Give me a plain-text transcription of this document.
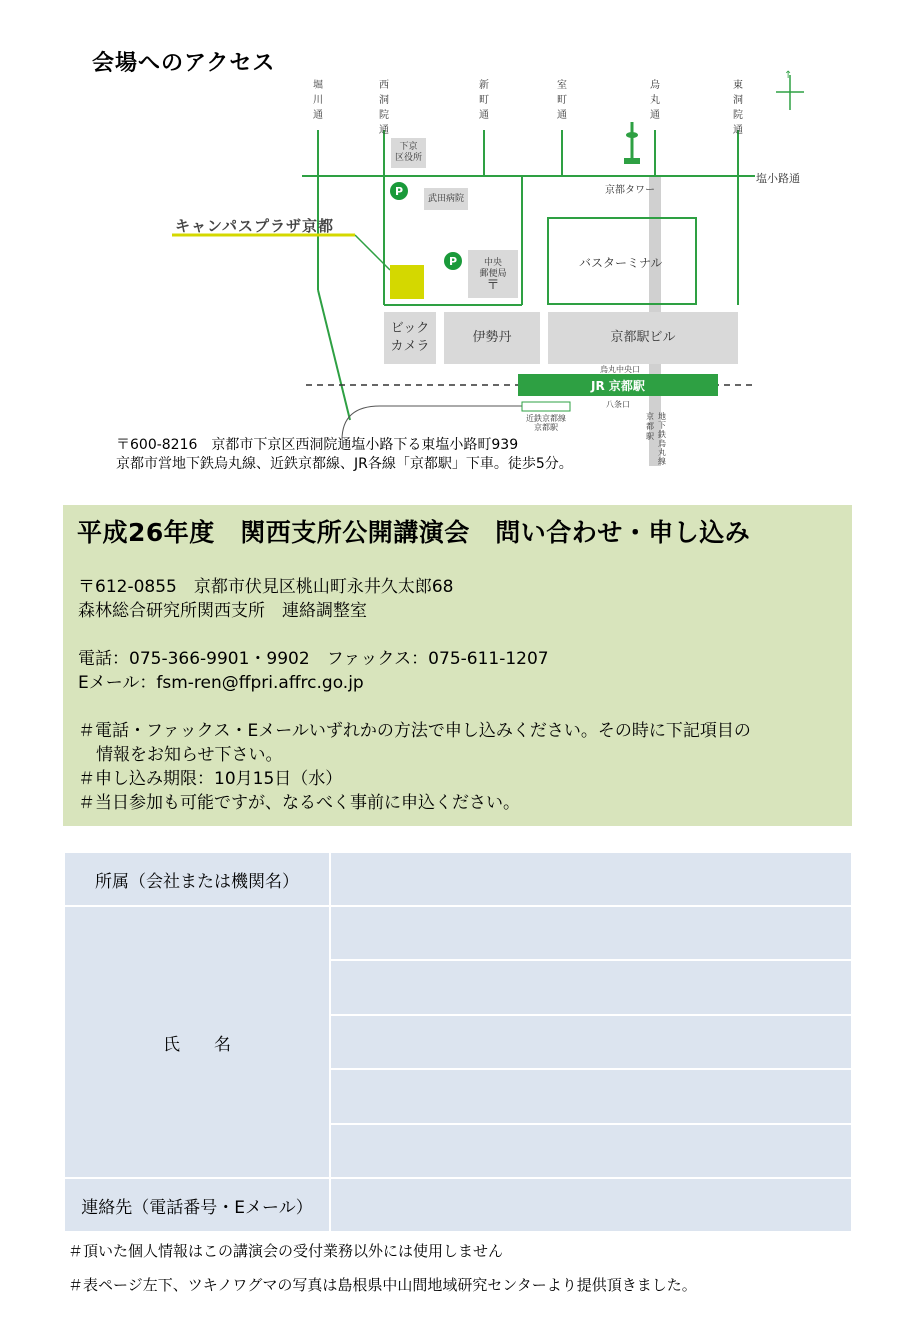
会場へのアクセス
堀川通
西洞院通
新町通
室町通
烏丸通
東洞院通
塩小路通
京都タワー
↑
下京
区役所
武田病院
中央
郵便局
〒
バスターミナル
ビック
カメラ
伊勢丹	京都駅ビル
P
P
キャンパスプラザ京都
烏丸中央口
JR 京都駅
八条口
近鉄京都線
京都駅
京都駅
地下鉄烏丸線
〒600-8216　京都市下京区西洞院通塩小路下る東塩小路町939
京都市営地下鉄烏丸線、近鉄京都線、JR各線「京都駅」下車。徒歩5分。
平成26年度　関西支所公開講演会　問い合わせ・申し込み
〒612-0855　京都市伏見区桃山町永井久太郎68
森林総合研究所関西支所　連絡調整室
電話：075-366-9901・9902　ファックス：075-611-1207
Eメール：fsm-ren@ffpri.affrc.go.jp
＃電話・ファックス・Eメールいずれかの方法で申し込みください。その時に下記項目の
情報をお知らせ下さい。
＃申し込み期限：10月15日（水）
＃当日参加も可能ですが、なるべく事前に申込ください。
所属（会社または機関名）
氏　　名
連絡先（電話番号・Eメール）
＃頂いた個人情報はこの講演会の受付業務以外には使用しません
＃表ページ左下、ツキノワグマの写真は島根県中山間地域研究センターより提供頂きました。
